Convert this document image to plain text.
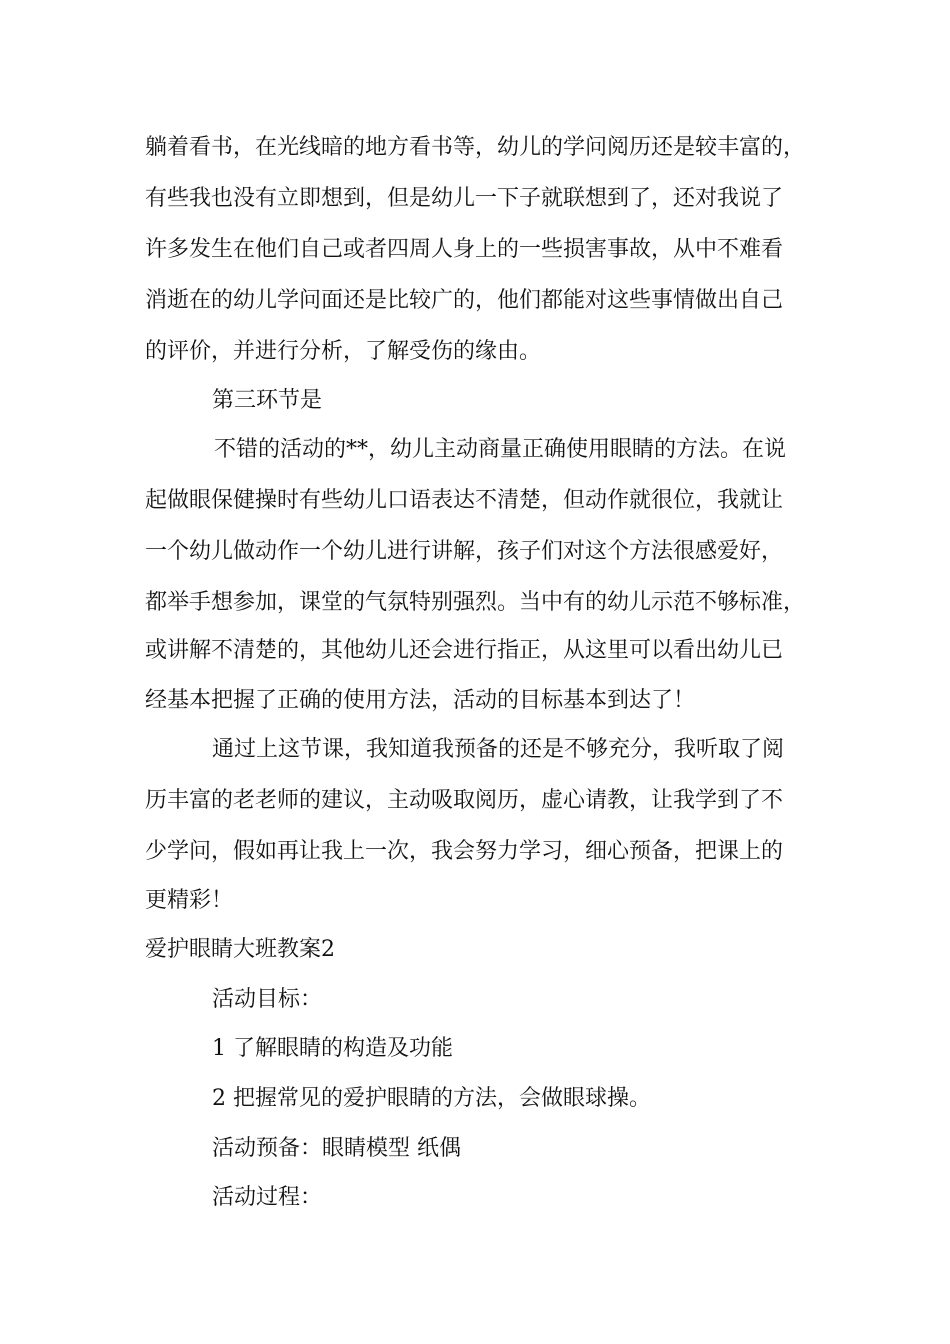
躺着看书，在光线暗的地方看书等，幼儿的学问阅历还是较丰富的，
有些我也没有立即想到，但是幼儿一下子就联想到了，还对我说了
许多发生在他们自己或者四周人身上的一些损害事故，从中不难看
消逝在的幼儿学问面还是比较广的，他们都能对这些事情做出自己
的评价，并进行分析，了解受伤的缘由。
第三环节是
不错的活动的**，幼儿主动商量正确使用眼睛的方法。在说
起做眼保健操时有些幼儿口语表达不清楚，但动作就很位，我就让
一个幼儿做动作一个幼儿进行讲解，孩子们对这个方法很感爱好，
都举手想参加，课堂的气氛特别强烈。当中有的幼儿示范不够标准，
或讲解不清楚的，其他幼儿还会进行指正，从这里可以看出幼儿已
经基本把握了正确的使用方法，活动的目标基本到达了！
通过上这节课，我知道我预备的还是不够充分，我听取了阅
历丰富的老老师的建议，主动吸取阅历，虚心请教，让我学到了不
少学问，假如再让我上一次，我会努力学习，细心预备，把课上的
更精彩！
爱护眼睛大班教案2
活动目标：
1 了解眼睛的构造及功能
2 把握常见的爱护眼睛的方法，会做眼球操。
活动预备：眼睛模型 纸偶
活动过程：
